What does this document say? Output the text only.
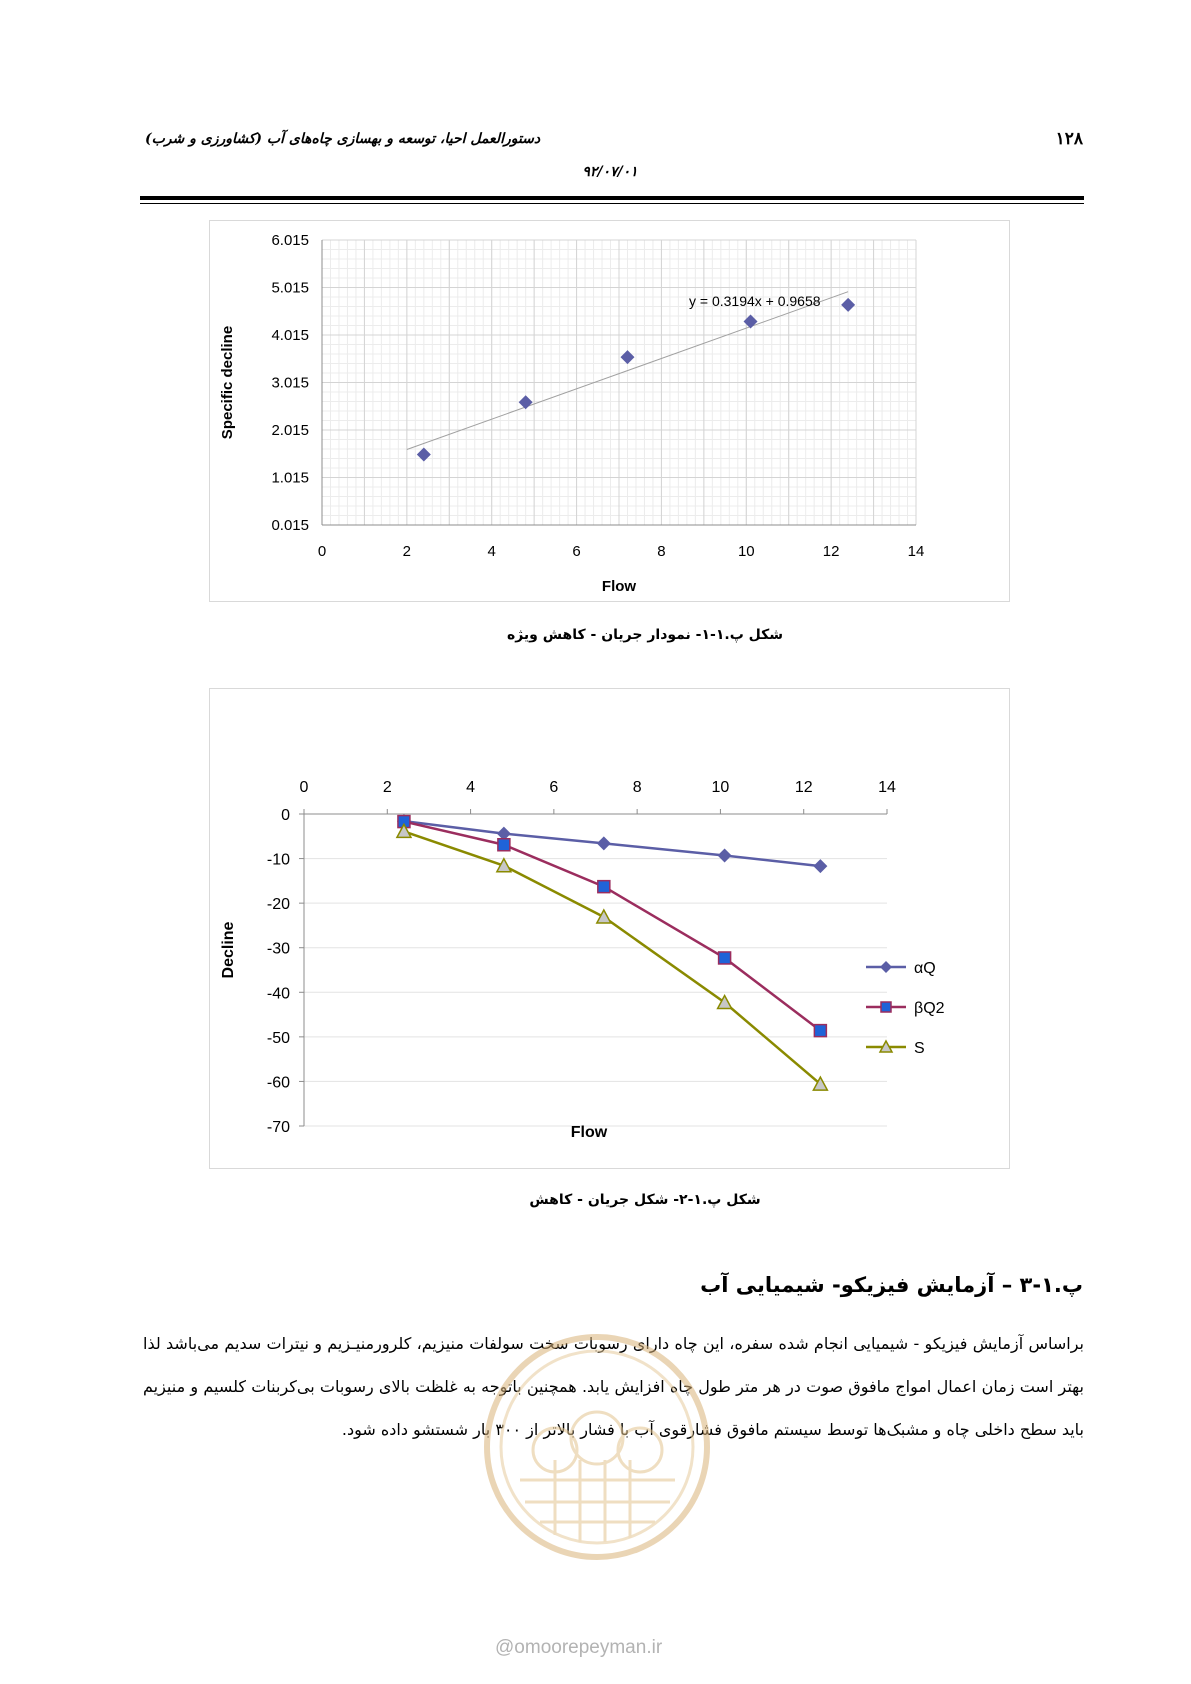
دستورالعمل احیا، توسعه و بهسازی چاه‌های آب (کشاورزی و شرب)	۱۲۸
۹۲/۰۷/۰۱
0	2	4	6	8	10	12	14
0.015
1.015
2.015
3.015
4.015
5.015
6.015
y = 0.3194x + 0.9658
Flow
Specific decline
شکل پ.۱-۱- نمودار جریان - کاهش ویژه
0	2	4	6	8	10	12	14
0
-10
-20
-30
-40
-50
-60
-70
αQ
βQ2
S
Flow
Decline
شکل پ.۱-۲- شکل جریان - کاهش
پ.۱-۳ – آزمایش فیزیکو- شیمیایی آب
براساس آزمایش فیزیکو - شیمیایی انجام شده سفره، این چاه دارای رسوبات سخت سولفات منیزیم، کلرورمنیـزیم و نیترات سدیم می‌باشد لذا بهتر است زمان اعمال امواج مافوق صوت در هر متر طول چاه افزایش یابد. همچنین باتوجه به غلظت بالای رسوبات بی‌کربنات کلسیم و منیزیم باید سطح داخلی چاه و مشبک‌ها توسط سیستم مافوق فشارقوی آب با فشار بالاتر از ۳۰۰ بار شستشو داده شود.
@omoorepeyman.ir
